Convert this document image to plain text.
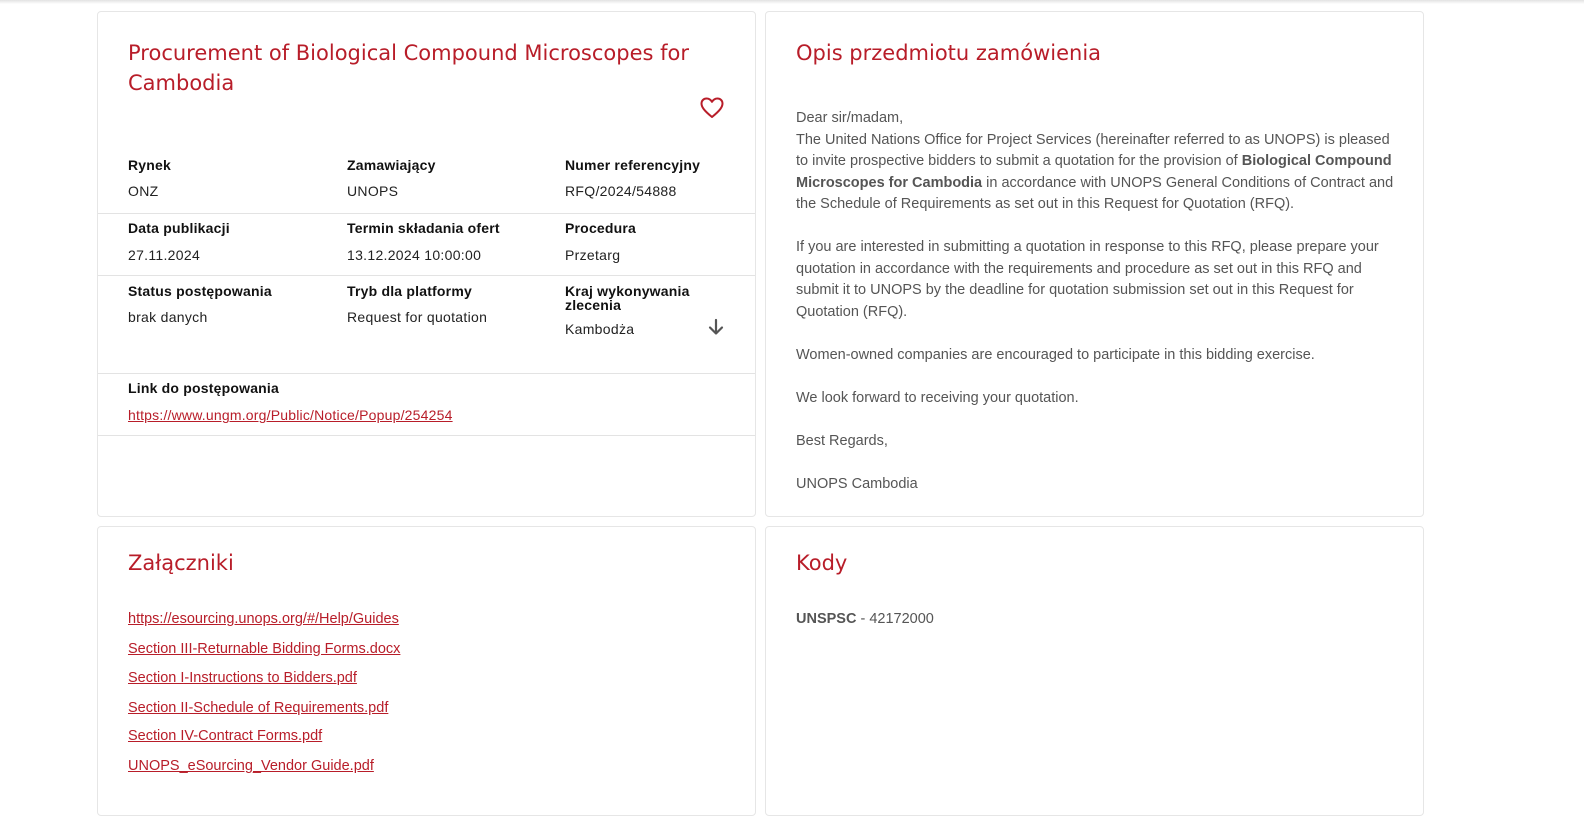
Procurement of Biological Compound Microscopes for Cambodia
Rynek
ONZ
Zamawiający
UNOPS
Numer referencyjny
RFQ/2024/54888
Data publikacji
27.11.2024
Termin składania ofert
13.12.2024 10:00:00
Procedura
Przetarg
Status postępowania
brak danych
Tryb dla platformy
Request for quotation
Kraj wykonywania zlecenia
Kambodża
Link do postępowania
https://www.ungm.org/Public/Notice/Popup/254254
Opis przedmiotu zamówienia

Dear sir/madam,

The United Nations Office for Project Services (hereinafter referred to as UNOPS) is pleased to invite prospective bidders to submit a quotation for the provision of Biological Compound Microscopes for Cambodia in accordance with UNOPS General Conditions of Contract and the Schedule of Requirements as set out in this Request for Quotation (RFQ).

If you are interested in submitting a quotation in response to this RFQ, please prepare your quotation in accordance with the requirements and procedure as set out in this RFQ and submit it to UNOPS by the deadline for quotation submission set out in this Request for Quotation (RFQ).

Women-owned companies are encouraged to participate in this bidding exercise.

We look forward to receiving your quotation.

Best Regards,

UNOPS Cambodia

Załączniki
https://esourcing.unops.org/#/Help/Guides
Section III-Returnable Bidding Forms.docx
Section I-Instructions to Bidders.pdf
Section II-Schedule of Requirements.pdf
Section IV-Contract Forms.pdf
UNOPS_eSourcing_Vendor Guide.pdf
Kody
UNSPSC - 42172000
